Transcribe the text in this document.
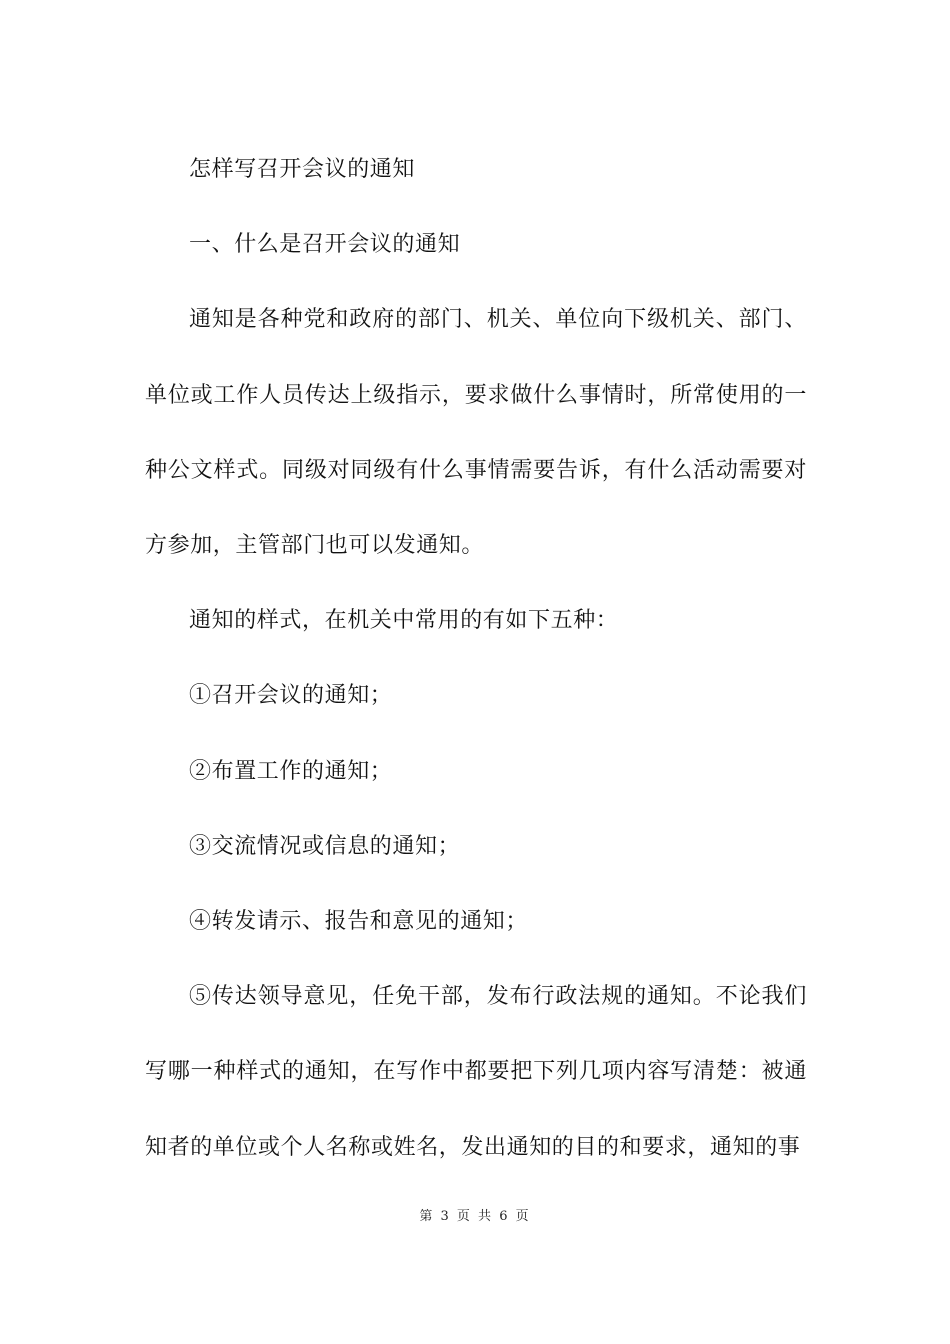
怎样写召开会议的通知

一、什么是召开会议的通知

通知是各种党和政府的部门、机关、单位向下级机关、部门、单位或工作人员传达上级指示，要求做什么事情时，所常使用的一种公文样式。同级对同级有什么事情需要告诉，有什么活动需要对方参加，主管部门也可以发通知。

通知的样式，在机关中常用的有如下五种：

①召开会议的通知；

②布置工作的通知；

③交流情况或信息的通知；

④转发请示、报告和意见的通知；

⑤传达领导意见，任免干部，发布行政法规的通知。不论我们写哪一种样式的通知，在写作中都要把下列几项内容写清楚：被通知者的单位或个人名称或姓名，发出通知的目的和要求，通知的事

第 3 页 共 6 页
